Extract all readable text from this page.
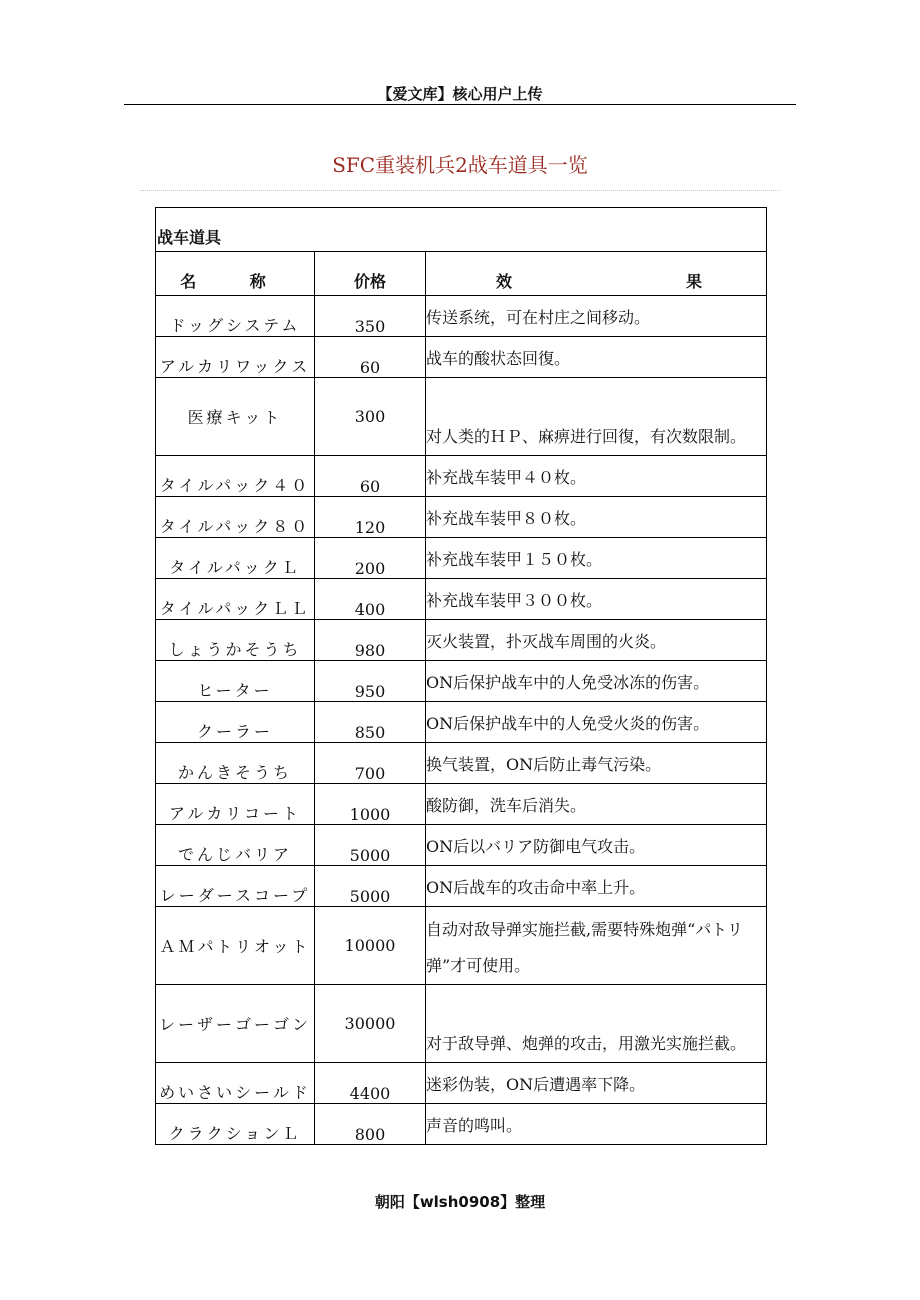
【爱文库】核心用户上传
SFC重装机兵2战车道具一览
战车道具		
名 称	价格	效 果

ドッグシステム	350	传送系统，可在村庄之间移动。
アルカリワックス	60	战车的酸状态回復。
医療キット	300	对人类的ＨＰ、麻痹进行回復，有次数限制。
タイルパック４０	60	补充战车装甲４０枚。
タイルパック８０	120	补充战车装甲８０枚。
タイルパックＬ	200	补充战车装甲１５０枚。
タイルパックＬＬ	400	补充战车装甲３００枚。
しょうかそうち	980	灭火装置，扑灭战车周围的火炎。
ヒーター	950	ON后保护战车中的人免受冰冻的伤害。
クーラー	850	ON后保护战车中的人免受火炎的伤害。
かんきそうち	700	换气装置，ON后防止毒气污染。
アルカリコート	1000	酸防御，洗车后消失。
でんじバリア	5000	ON后以バリア防御电气攻击。
レーダースコープ	5000	ON后战车的攻击命中率上升。
ＡＭパトリオット	10000	自动对敌导弹实施拦截,需要特殊炮弹“パトリ弹”才可使用。
レーザーゴーゴン	30000	对于敌导弹、炮弹的攻击，用激光实施拦截。
めいさいシールド	4400	迷彩伪装，ON后遭遇率下降。
クラクションＬ	800	声音的鸣叫。
朝阳【wlsh0908】整理
